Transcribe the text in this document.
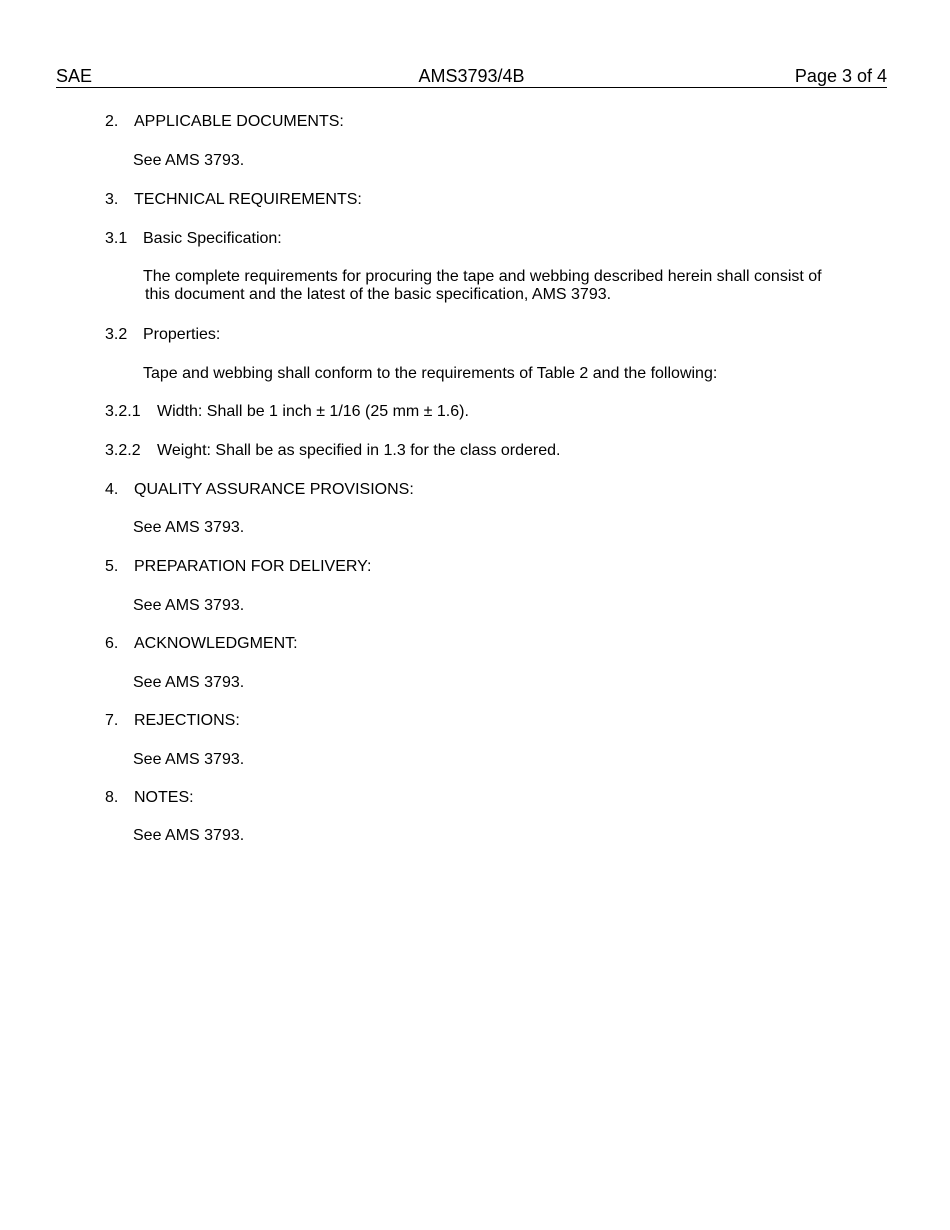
SAE	AMS3793/4B	Page 3 of 4
2. APPLICABLE DOCUMENTS:
See AMS 3793.
3. TECHNICAL REQUIREMENTS:
3.1 Basic Specification:
The complete requirements for procuring the tape and webbing described herein shall consist of
this document and the latest of the basic specification, AMS 3793.
3.2 Properties:
Tape and webbing shall conform to the requirements of Table 2 and the following:
3.2.1 Width: Shall be 1 inch ± 1/16 (25 mm ± 1.6).
3.2.2 Weight: Shall be as specified in 1.3 for the class ordered.
4. QUALITY ASSURANCE PROVISIONS:
See AMS 3793.
5. PREPARATION FOR DELIVERY:
See AMS 3793.
6. ACKNOWLEDGMENT:
See AMS 3793.
7. REJECTIONS:
See AMS 3793.
8. NOTES:
See AMS 3793.
